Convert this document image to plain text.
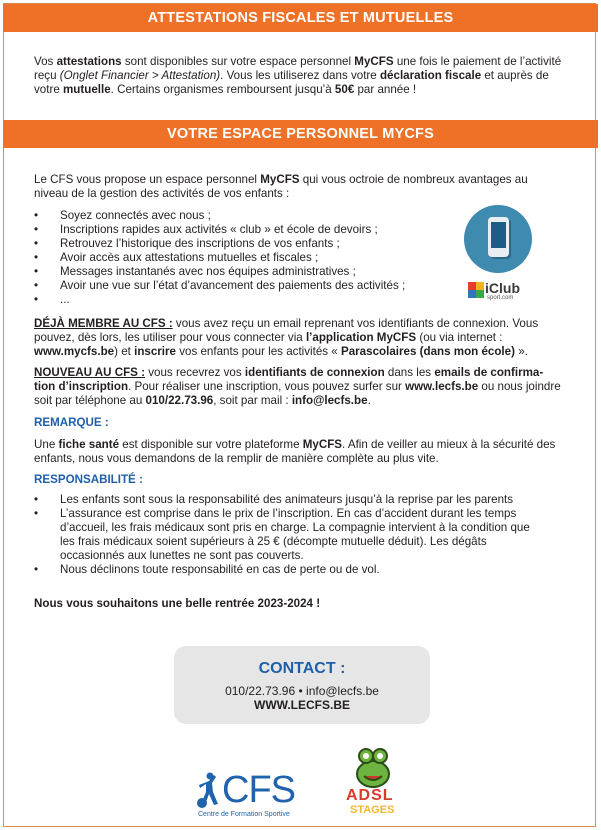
ATTESTATIONS FISCALES ET MUTUELLES
Vos attestations sont disponibles sur votre espace personnel MyCFS une fois le paiement de l’activité reçu (Onglet Financier > Attestation). Vous les utiliserez dans votre déclaration fiscale et auprès de votre mutuelle. Certains organismes remboursent jusqu’à 50€ par année !
VOTRE ESPACE PERSONNEL MYCFS
Le CFS vous propose un espace personnel MyCFS qui vous octroie de nombreux avantages au niveau de la gestion des activités de vos enfants :
• Soyez connectés avec nous ;
• Inscriptions rapides aux activités « club » et école de devoirs ;
• Retrouvez l’historique des inscriptions de vos enfants ;
• Avoir accès aux attestations mutuelles et fiscales ;
• Messages instantanés avec nos équipes administratives ;
• Avoir une vue sur l’état d’avancement des paiements des activités ;
• ...
iClub
sport.com
DÉJÀ MEMBRE AU CFS : vous avez reçu un email reprenant vos identifiants de connexion. Vous pouvez, dès lors, les utiliser pour vous connecter via l’application MyCFS (ou via internet : www.mycfs.be) et inscrire vos enfants pour les activités « Parascolaires (dans mon école) ».
NOUVEAU AU CFS : vous recevrez vos identifiants de connexion dans les emails de confirma-tion d’inscription. Pour réaliser une inscription, vous pouvez surfer sur www.lecfs.be ou nous joindre soit par téléphone au 010/22.73.96, soit par mail : info@lecfs.be.
REMARQUE :
Une fiche santé est disponible sur votre plateforme MyCFS. Afin de veiller au mieux à la sécurité des enfants, nous vous demandons de la remplir de manière complète au plus vite.
RESPONSABILITÉ :
• Les enfants sont sous la responsabilité des animateurs jusqu’à la reprise par les parents
• L’assurance est comprise dans le prix de l’inscription. En cas d’accident durant les temps d’accueil, les frais médicaux sont pris en charge. La compagnie intervient à la condition que les frais médicaux soient supérieurs à 25 € (décompte mutuelle déduit). Les dégâts occasionnés aux lunettes ne sont pas couverts.
• Nous déclinons toute responsabilité en cas de perte ou de vol.
Nous vous souhaitons une belle rentrée 2023-2024 !
CONTACT :
010/22.73.96 • info@lecfs.be
WWW.LECFS.BE
CFS
Centre de Formation Sportive
ADSL
STAGES
